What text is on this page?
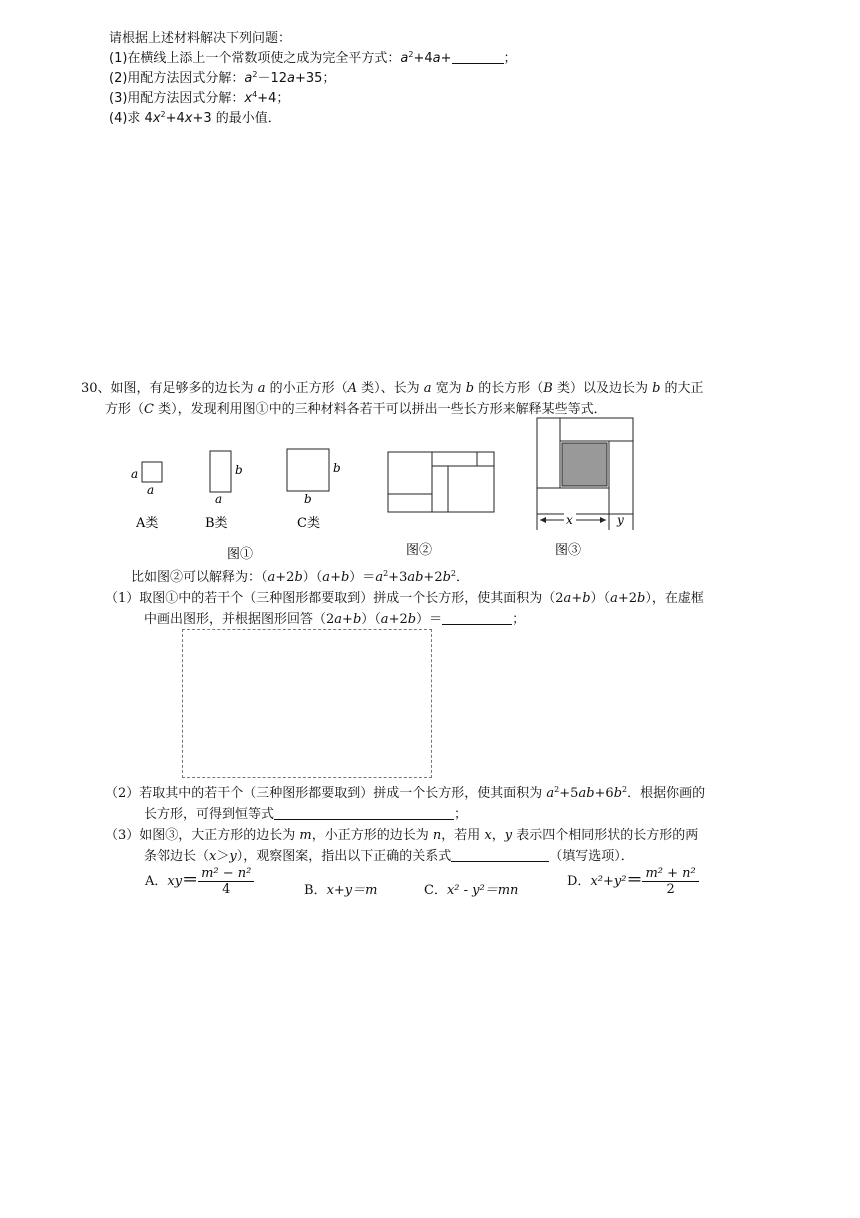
请根据上述材料解决下列问题：
(1)在横线上添上一个常数项使之成为完全平方式：$a^2+4a+$	；
(2)用配方法因式分解：$a^2-12a+35$；
(3)用配方法因式分解：$x^4+4$；
(4)求 $4x^2+4x+3$ 的最小值．
30、如图，有足够多的边长为 a 的小正方形（A 类）、长为 a 宽为 b 的长方形（B 类）以及边长为 b 的大正
方形（C 类），发现利用图①中的三种材料各若干可以拼出一些长方形来解释某些等式．
a
a
A类
b
a
B类
b
b
C类
图①	图②
x	y
图③
比如图②可以解释为：$(a+2b)(a+b)=a^2+3ab+2b^2$．
（1）取图①中的若干个（三种图形都要取到）拼成一个长方形，使其面积为（2a+b）（a+2b），在虚框
中画出图形，并根据图形回答（2a+b）（a+2b）＝	；
（2）若取其中的若干个（三种图形都要取到）拼成一个长方形，使其面积为 $a^2+5ab+6b^2$．根据你画的
长方形，可得到恒等式	；
（3）如图③，大正方形的边长为 m，小正方形的边长为 n，若用 x，y 表示四个相同形状的长方形的两
条邻边长（x＞y），观察图案，指出以下正确的关系式	（填写选项）．
A．$xy= \frac{\text{m² − n²}}{4}$	B．x+y＝m	C．x² - y²＝mn
D．$x^2+y^2= \frac{\text{m² + n²}}{2}$
